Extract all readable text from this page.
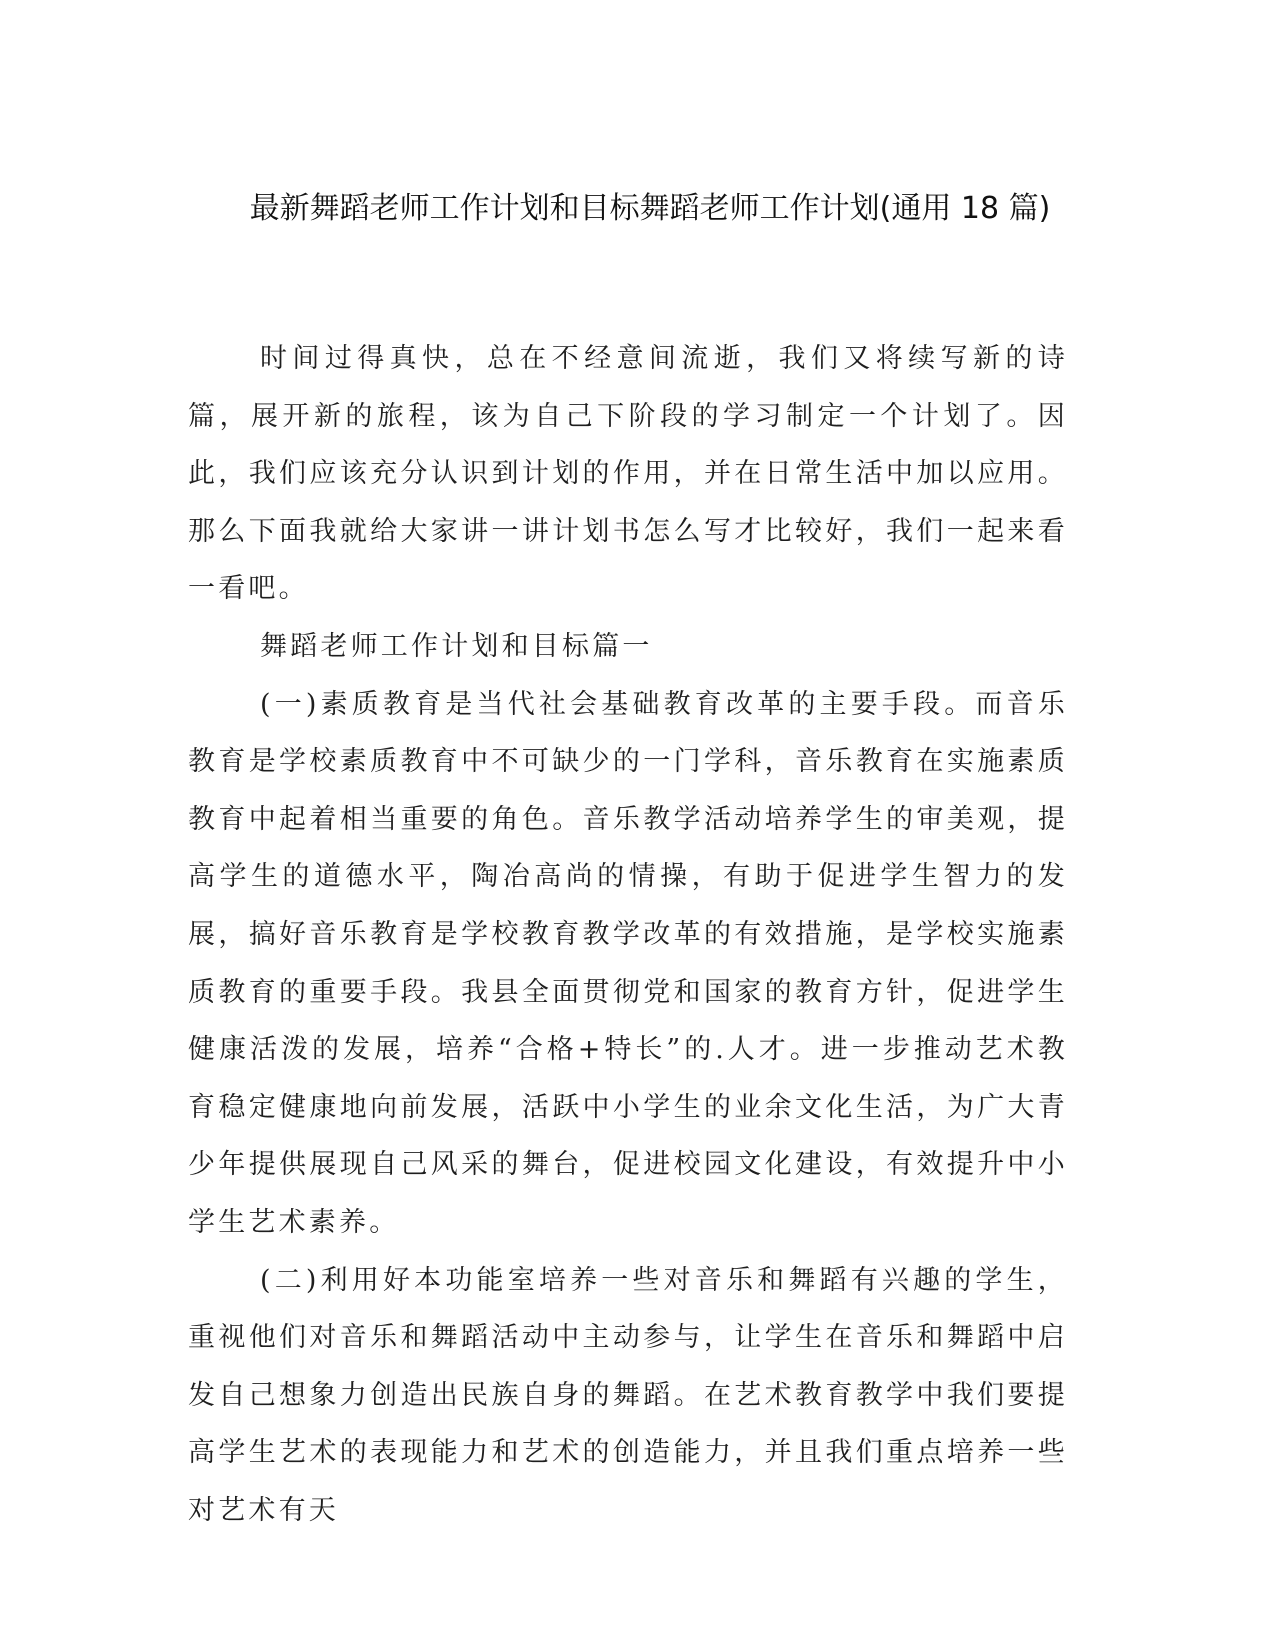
最新舞蹈老师工作计划和目标舞蹈老师工作计划(通用 18 篇)

时间过得真快，总在不经意间流逝，我们又将续写新的诗篇，展开新的旅程，该为自己下阶段的学习制定一个计划了。因此，我们应该充分认识到计划的作用，并在日常生活中加以应用。那么下面我就给大家讲一讲计划书怎么写才比较好，我们一起来看一看吧。

舞蹈老师工作计划和目标篇一

(一)素质教育是当代社会基础教育改革的主要手段。而音乐教育是学校素质教育中不可缺少的一门学科，音乐教育在实施素质教育中起着相当重要的角色。音乐教学活动培养学生的审美观，提高学生的道德水平，陶冶高尚的情操，有助于促进学生智力的发展，搞好音乐教育是学校教育教学改革的有效措施，是学校实施素质教育的重要手段。我县全面贯彻党和国家的教育方针，促进学生健康活泼的发展，培养“合格+特长”的.人才。进一步推动艺术教育稳定健康地向前发展，活跃中小学生的业余文化生活，为广大青少年提供展现自己风采的舞台，促进校园文化建设，有效提升中小学生艺术素养。

(二)利用好本功能室培养一些对音乐和舞蹈有兴趣的学生，重视他们对音乐和舞蹈活动中主动参与，让学生在音乐和舞蹈中启发自己想象力创造出民族自身的舞蹈。在艺术教育教学中我们要提高学生艺术的表现能力和艺术的创造能力，并且我们重点培养一些对艺术有天
